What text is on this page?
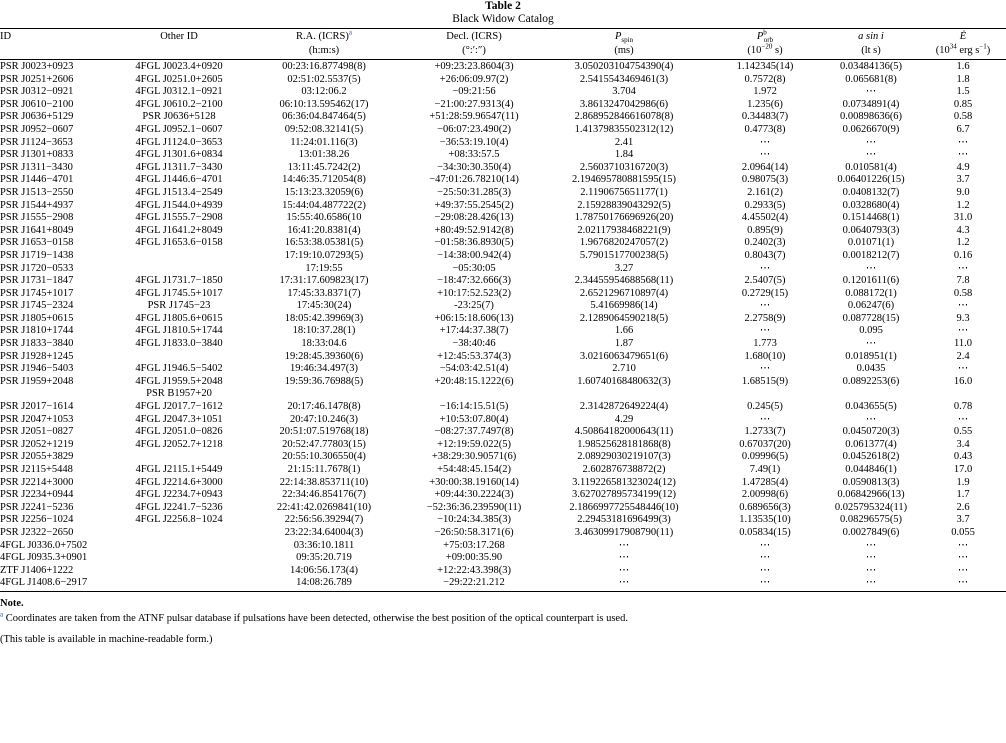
Table 2
Black Widow Catalog
ID	Other ID	R.A. (ICRS)$^a$	Decl. (ICRS)	$P_{spin}$	$P^b_{orb}$	a sin i	Ė
		(h:m:s)	(°:′:″)	(ms)	($10^{-20}$ s)	(lt s)	($10^{34}$ erg $s^{-1}$)
PSR J0023+0923	4FGL J0023.4+0920	00:23:16.877498(8)	+09:23:23.8604(3)	3.050203104754390(4)	1.142345(14)	0.03484136(5)	1.6
PSR J0251+2606	4FGL J0251.0+2605	02:51:02.5537(5)	+26:06:09.97(2)	2.5415543469461(3)	0.7572(8)	0.065681(8)	1.8
PSR J0312−0921	4FGL J0312.1−0921	03:12:06.2	−09:21:56	3.704	1.972	⋯	1.5
PSR J0610−2100	4FGL J0610.2−2100	06:10:13.595462(17)	−21:00:27.9313(4)	3.8613247042986(6)	1.235(6)	0.0734891(4)	0.85
PSR J0636+5129	PSR J0636+5128	06:36:04.847464(5)	+51:28:59.96547(11)	2.868952846616078(8)	0.34483(7)	0.00898636(6)	0.58
PSR J0952−0607	4FGL J0952.1−0607	09:52:08.32141(5)	−06:07:23.490(2)	1.41379835502312(12)	0.4773(8)	0.0626670(9)	6.7
PSR J1124−3653	4FGL J1124.0−3653	11:24:01.116(3)	−36:53:19.10(4)	2.41	⋯	⋯	⋯
PSR J1301+0833	4FGL J1301.6+0834	13:01:38.26	+08:33:57.5	1.84	⋯	⋯	⋯
PSR J1311−3430	4FGL J1311.7−3430	13:11:45.7242(2)	−34:30:30.350(4)	2.5603710316720(3)	2.0964(14)	0.010581(4)	4.9
PSR J1446−4701	4FGL J1446.6−4701	14:46:35.712054(8)	−47:01:26.78210(14)	2.194695780881595(15)	0.98075(3)	0.06401226(15)	3.7
PSR J1513−2550	4FGL J1513.4−2549	15:13:23.32059(6)	−25:50:31.285(3)	2.1190675651177(1)	2.161(2)	0.0408132(7)	9.0
PSR J1544+4937	4FGL J1544.0+4939	15:44:04.487722(2)	+49:37:55.2545(2)	2.15928839043292(5)	0.2933(5)	0.0328680(4)	1.2
PSR J1555−2908	4FGL J1555.7−2908	15:55:40.6586(10	−29:08:28.426(13)	1.78750176696926(20)	4.45502(4)	0.1514468(1)	31.0
PSR J1641+8049	4FGL J1641.2+8049	16:41:20.8381(4)	+80:49:52.9142(8)	2.02117938468221(9)	0.895(9)	0.0640793(3)	4.3
PSR J1653−0158	4FGL J1653.6−0158	16:53:38.05381(5)	−01:58:36.8930(5)	1.9676820247057(2)	0.2402(3)	0.01071(1)	1.2
PSR J1719−1438		17:19:10.07293(5)	−14:38:00.942(4)	5.7901517700238(5)	0.8043(7)	0.0018212(7)	0.16
PSR J1720−0533		17:19:55	−05:30:05	3.27	⋯	⋯	⋯
PSR J1731−1847	4FGL J1731.7−1850	17:31:17.609823(17)	−18:47:32.666(3)	2.34455954688568(11)	2.5407(5)	0.1201611(6)	7.8
PSR J1745+1017	4FGL J1745.5+1017	17:45:33.8371(7)	+10:17:52.523(2)	2.6521296710897(4)	0.2729(15)	0.088172(1)	0.58
PSR J1745−2324	PSR J1745−23	17:45:30(24)	-23:25(7)	5.41669986(14)	⋯	0.06247(6)	⋯
PSR J1805+0615	4FGL J1805.6+0615	18:05:42.39969(3)	+06:15:18.606(13)	2.1289064590218(5)	2.2758(9)	0.087728(15)	9.3
PSR J1810+1744	4FGL J1810.5+1744	18:10:37.28(1)	+17:44:37.38(7)	1.66	⋯	0.095	⋯
PSR J1833−3840	4FGL J1833.0−3840	18:33:04.6	−38:40:46	1.87	1.773	⋯	11.0
PSR J1928+1245		19:28:45.39360(6)	+12:45:53.374(3)	3.0216063479651(6)	1.680(10)	0.018951(1)	2.4
PSR J1946−5403	4FGL J1946.5−5402	19:46:34.497(3)	−54:03:42.51(4)	2.710	⋯	0.0435	⋯
PSR J1959+2048	4FGL J1959.5+2048	19:59:36.76988(5)	+20:48:15.1222(6)	1.60740168480632(3)	1.68515(9)	0.0892253(6)	16.0
	PSR B1957+20						
PSR J2017−1614	4FGL J2017.7−1612	20:17:46.1478(8)	−16:14:15.51(5)	2.3142872649224(4)	0.245(5)	0.043655(5)	0.78
PSR J2047+1053	4FGL J2047.3+1051	20:47:10.246(3)	+10:53:07.80(4)	4.29	⋯	⋯	⋯
PSR J2051−0827	4FGL J2051.0−0826	20:51:07.519768(18)	−08:27:37.7497(8)	4.50864182000643(11)	1.2733(7)	0.0450720(3)	0.55
PSR J2052+1219	4FGL J2052.7+1218	20:52:47.77803(15)	+12:19:59.022(5)	1.98525628181868(8)	0.67037(20)	0.061377(4)	3.4
PSR J2055+3829		20:55:10.306550(4)	+38:29:30.90571(6)	2.08929030219107(3)	0.09996(5)	0.0452618(2)	0.43
PSR J2115+5448	4FGL J2115.1+5449	21:15:11.7678(1)	+54:48:45.154(2)	2.602876738872(2)	7.49(1)	0.044846(1)	17.0
PSR J2214+3000	4FGL J2214.6+3000	22:14:38.853711(10)	+30:00:38.19160(14)	3.119226581323024(12)	1.47285(4)	0.0590813(3)	1.9
PSR J2234+0944	4FGL J2234.7+0943	22:34:46.854176(7)	+09:44:30.2224(3)	3.627027895734199(12)	2.00998(6)	0.06842966(13)	1.7
PSR J2241−5236	4FGL J2241.7−5236	22:41:42.0269841(10)	−52:36:36.239590(11)	2.1866997725548446(10)	0.689656(3)	0.025795324(11)	2.6
PSR J2256−1024	4FGL J2256.8−1024	22:56:56.39294(7)	−10:24:34.385(3)	2.29453181696499(3)	1.13535(10)	0.08296575(5)	3.7
PSR J2322−2650		23:22:34.64004(3)	−26:50:58.3171(6)	3.46309917908790(11)	0.05834(15)	0.0027849(6)	0.055
4FGL J0336.0+7502		03:36:10.1811	+75:03:17.268	⋯	⋯	⋯	⋯
4FGL J0935.3+0901		09:35:20.719	+09:00:35.90	⋯	⋯	⋯	⋯
ZTF J1406+1222		14:06:56.173(4)	+12:22:43.398(3)	⋯	⋯	⋯	⋯
4FGL J1408.6−2917		14:08:26.789	−29:22:21.212	⋯	⋯	⋯	⋯
Note.
$^a$ Coordinates are taken from the ATNF pulsar database if pulsations have been detected, otherwise the best position of the optical counterpart is used.
(This table is available in machine-readable form.)
